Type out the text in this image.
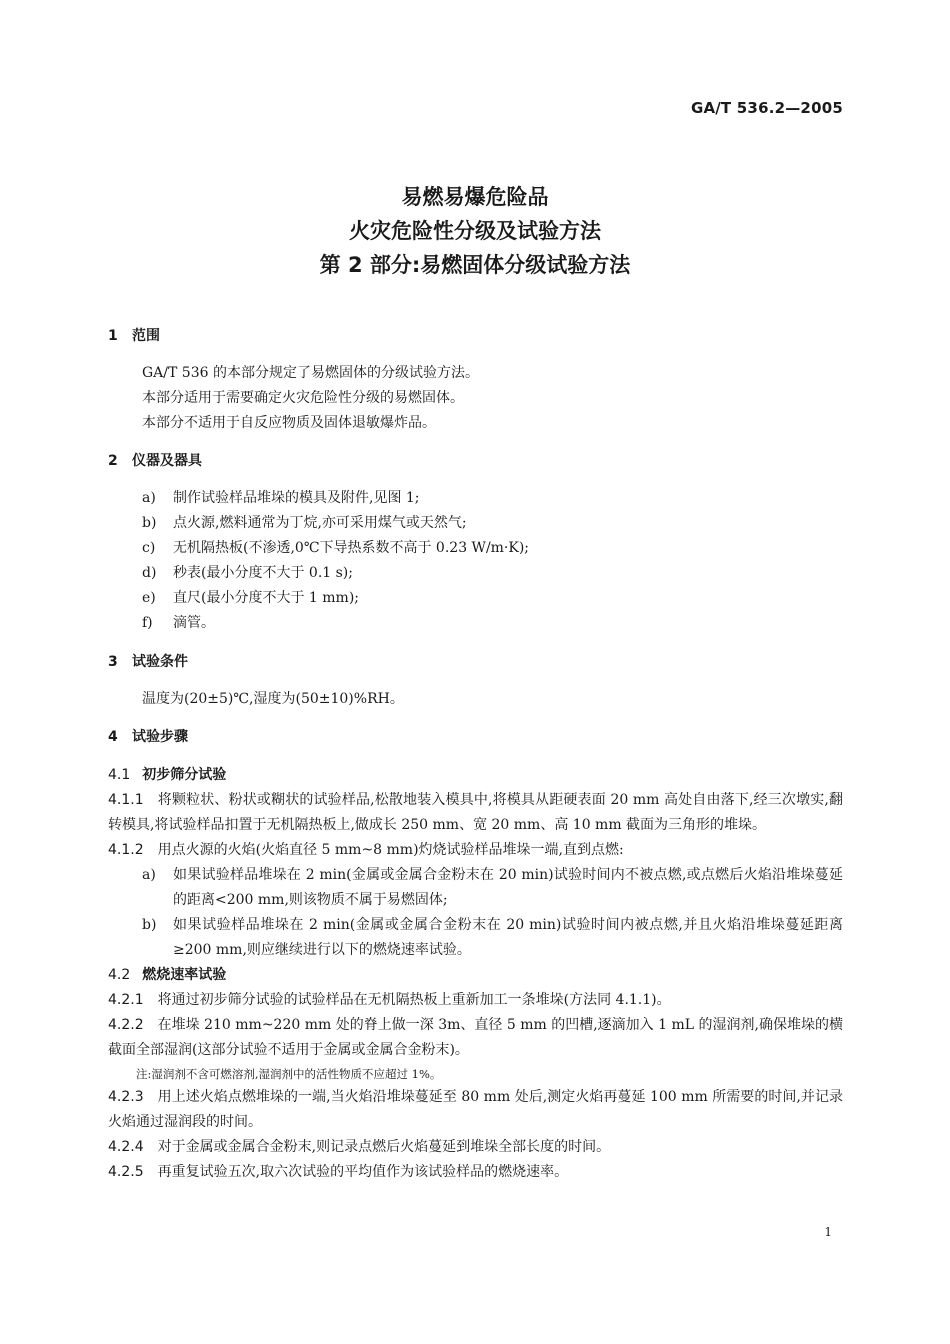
GA/T 536.2—2005
易燃易爆危险品
火灾危险性分级及试验方法
第 2 部分:易燃固体分级试验方法
1 范围
GA/T 536 的本部分规定了易燃固体的分级试验方法。
本部分适用于需要确定火灾危险性分级的易燃固体。
本部分不适用于自反应物质及固体退敏爆炸品。
2 仪器及器具
a)	制作试验样品堆垛的模具及附件,见图 1;
b)	点火源,燃料通常为丁烷,亦可采用煤气或天然气;
c)	无机隔热板(不渗透,0℃下导热系数不高于 0.23 W/m·K);
d)	秒表(最小分度不大于 0.1 s);
e)	直尺(最小分度不大于 1 mm);
f)	滴管。
3 试验条件
温度为(20±5)℃,湿度为(50±10)%RH。
4 试验步骤
4.1 初步筛分试验
4.1.1 将颗粒状、粉状或糊状的试验样品,松散地装入模具中,将模具从距硬表面 20 mm 高处自由落下,经三次墩实,翻转模具,将试验样品扣置于无机隔热板上,做成长 250 mm、宽 20 mm、高 10 mm 截面为三角形的堆垛。
4.1.2 用点火源的火焰(火焰直径 5 mm~8 mm)灼烧试验样品堆垛一端,直到点燃:
a)	如果试验样品堆垛在 2 min(金属或金属合金粉末在 20 min)试验时间内不被点燃,或点燃后火焰沿堆垛蔓延的距离<200 mm,则该物质不属于易燃固体;
b)	如果试验样品堆垛在 2 min(金属或金属合金粉末在 20 min)试验时间内被点燃,并且火焰沿堆垛蔓延距离≥200 mm,则应继续进行以下的燃烧速率试验。
4.2 燃烧速率试验
4.2.1 将通过初步筛分试验的试验样品在无机隔热板上重新加工一条堆垛(方法同 4.1.1)。
4.2.2 在堆垛 210 mm~220 mm 处的脊上做一深 3m、直径 5 mm 的凹槽,逐滴加入 1 mL 的湿润剂,确保堆垛的横截面全部湿润(这部分试验不适用于金属或金属合金粉末)。
注:湿润剂不含可燃溶剂,湿润剂中的活性物质不应超过 1%。
4.2.3 用上述火焰点燃堆垛的一端,当火焰沿堆垛蔓延至 80 mm 处后,测定火焰再蔓延 100 mm 所需要的时间,并记录火焰通过湿润段的时间。
4.2.4 对于金属或金属合金粉末,则记录点燃后火焰蔓延到堆垛全部长度的时间。
4.2.5 再重复试验五次,取六次试验的平均值作为该试验样品的燃烧速率。
1
